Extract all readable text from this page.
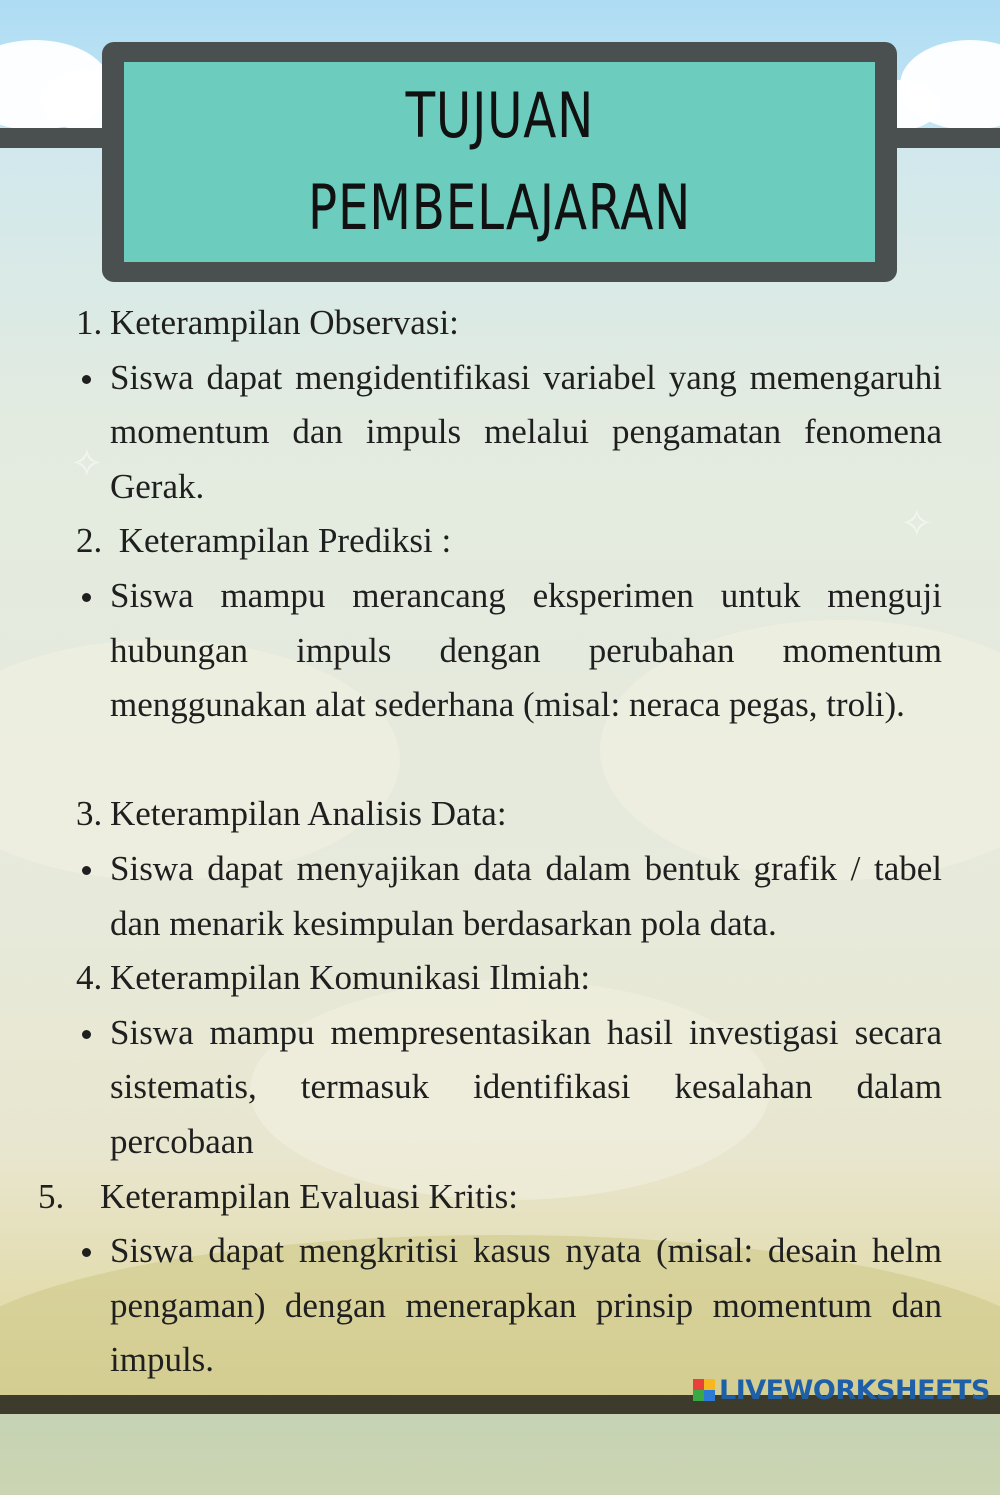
✧
✧
TUJUAN
PEMBELAJARAN
1. Keterampilan Observasi:
Siswa dapat mengidentifikasi variabel yang memengaruhi momentum dan impuls melalui pengamatan fenomena Gerak.
2. Keterampilan Prediksi :
Siswa mampu merancang eksperimen untuk menguji hubungan impuls dengan perubahan momentum menggunakan alat sederhana (misal: neraca pegas, troli).
3. Keterampilan Analisis Data:
Siswa dapat menyajikan data dalam bentuk grafik / tabel dan menarik kesimpulan berdasarkan pola data.
4. Keterampilan Komunikasi Ilmiah:
Siswa mampu mempresentasikan hasil investigasi secara sistematis, termasuk identifikasi kesalahan dalam percobaan
5. Keterampilan Evaluasi Kritis:
Siswa dapat mengkritisi kasus nyata (misal: desain helm pengaman) dengan menerapkan prinsip momentum dan impuls.
LIVEWORKSHEETS
